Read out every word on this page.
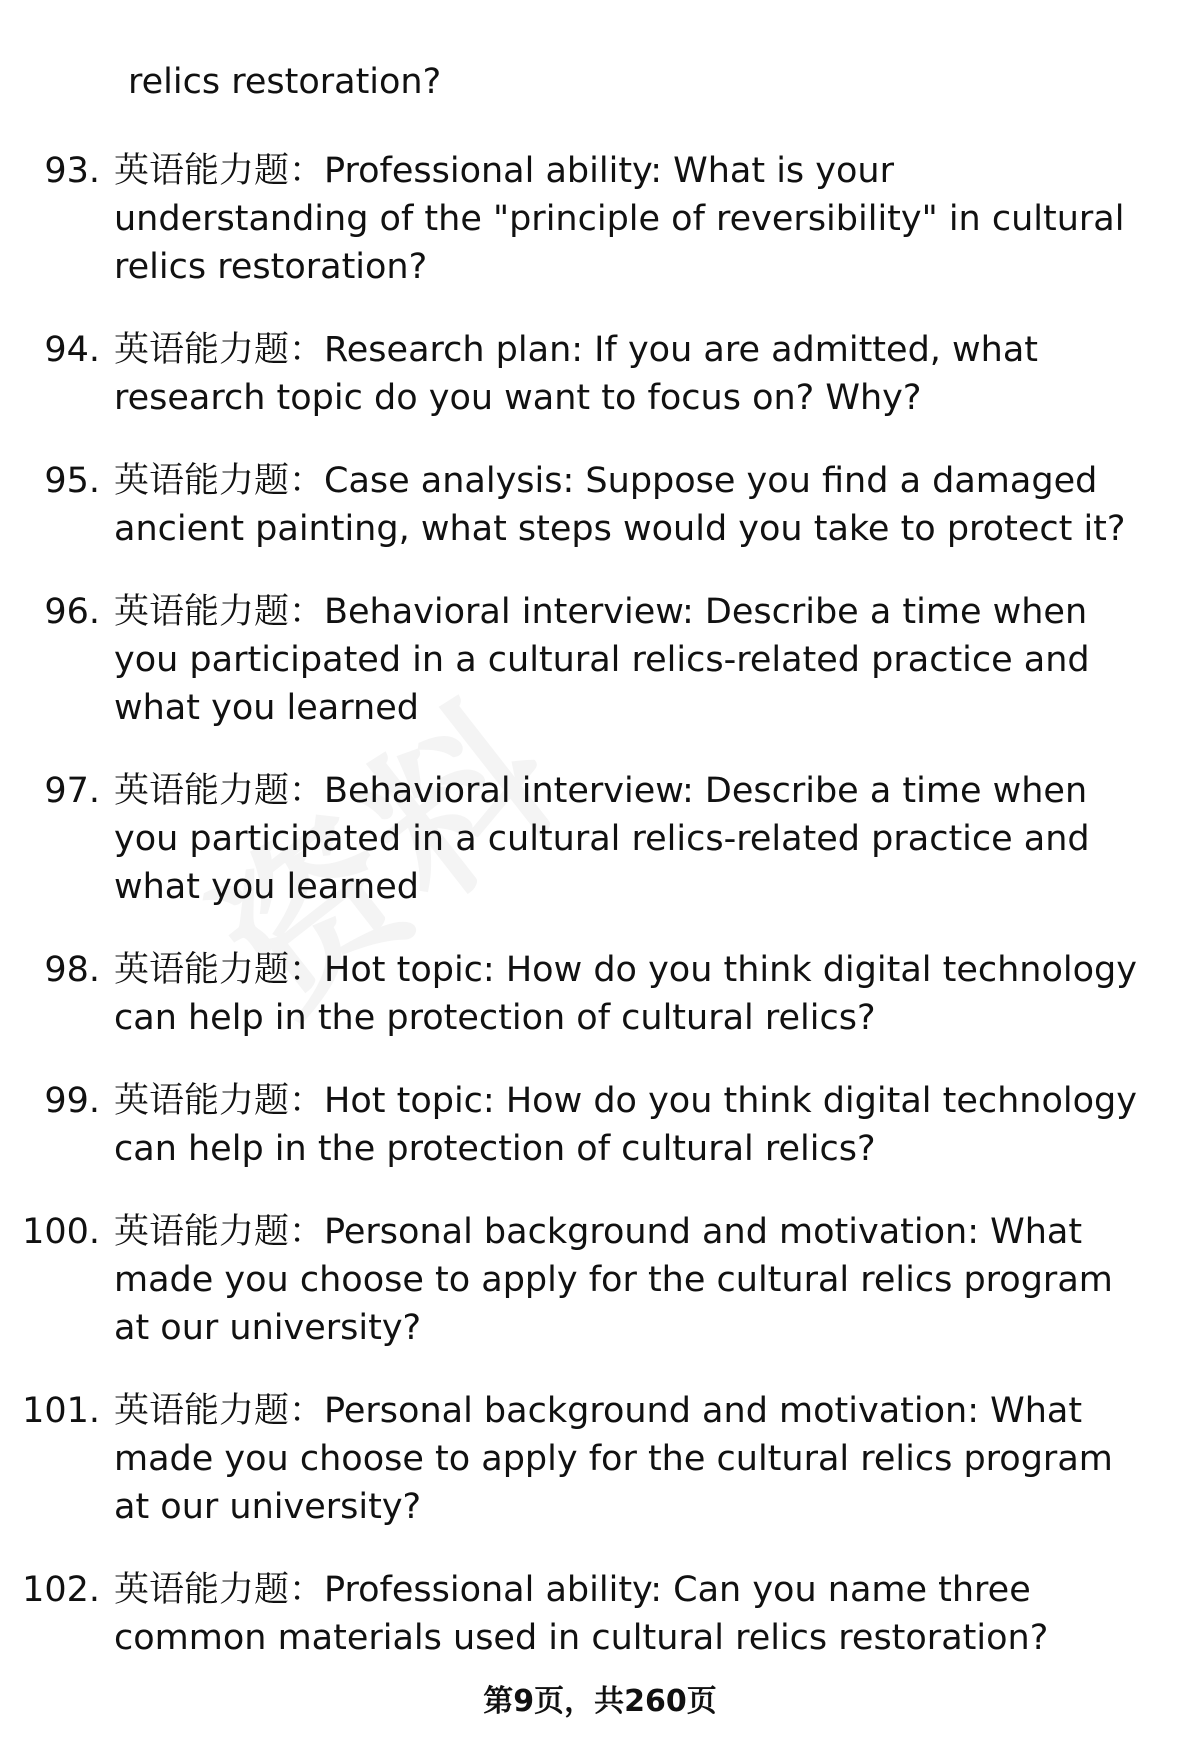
relics restoration?
93. 英语能力题：Professional ability: What is your understanding of the "principle of reversibility" in cultural relics restoration?
94. 英语能力题：Research plan: If you are admitted, what research topic do you want to focus on? Why?
95. 英语能力题：Case analysis: Suppose you find a damaged ancient painting, what steps would you take to protect it?
96. 英语能力题：Behavioral interview: Describe a time when you participated in a cultural relics-related practice and what you learned
97. 英语能力题：Behavioral interview: Describe a time when you participated in a cultural relics-related practice and what you learned
98. 英语能力题：Hot topic: How do you think digital technology can help in the protection of cultural relics?
99. 英语能力题：Hot topic: How do you think digital technology can help in the protection of cultural relics?
100. 英语能力题：Personal background and motivation: What made you choose to apply for the cultural relics program at our university?
101. 英语能力题：Personal background and motivation: What made you choose to apply for the cultural relics program at our university?
102. 英语能力题：Professional ability: Can you name three common materials used in cultural relics restoration?
第9页，共260页
